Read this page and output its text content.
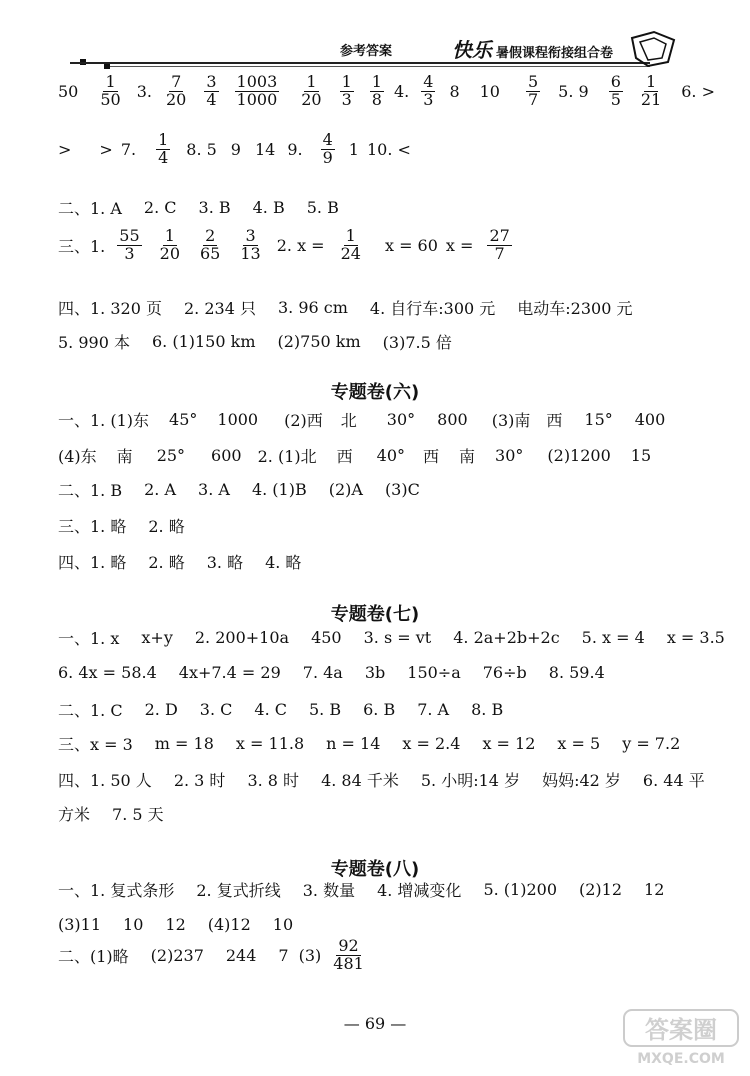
参考答案	快乐 暑假课程衔接组合卷
$50 \frac{1}{50} 3$. $\frac{7}{20} \frac{3}{4} \frac{1003}{1000} \frac{1}{20} \frac{1}{3} \frac{1}{8} 4$. $\frac{4}{3} 8$ $10 \frac{5}{7} 5$. $9 \frac{6}{5} \frac{1}{21} 6$. >
> > 7. $\frac{1}{4} 8$. 5 9 14 9. $\frac{4}{9} 1$ 10. <
二、1. A 2. C 3. B 4. B 5. B
三、1. $\frac{55}{3} \frac{1}{20} \frac{2}{65} \frac{3}{13} 2$. $x = \frac{1}{24}$ x = 60 $x = \frac{27}{7}$
四、1. 320 页 2. 234 只 3. 96 cm 4. 自行车:300 元 电动车:2300 元
5. 990 本 6. (1)150 km (2)750 km (3)7.5 倍
一、1. (1)东 45° 1000 (2)西 北 30° 800 (3)南 西 15° 400
(4)东 南 25° 600 2. (1)北 西 40° 西 南 30° (2)1200 15
二、1. B 2. A 3. A 4. (1)B (2)A (3)C
三、1. 略 2. 略
四、1. 略 2. 略 3. 略 4. 略
一、1. x x+y 2. 200+10a 450 3. s = vt 4. 2a+2b+2c 5. x = 4 x = 3.5
6. 4x = 58.4 4x+7.4 = 29 7. 4a 3b 150÷a 76÷b 8. 59.4
二、1. C 2. D 3. C 4. C 5. B 6. B 7. A 8. B
三、x = 3 m = 18 x = 11.8 n = 14 x = 2.4 x = 12 x = 5 y = 7.2
四、1. 50 人 2. 3 时 3. 8 时 4. 84 千米 5. 小明:14 岁 妈妈:42 岁 6. 44 平
方米 7. 5 天
一、1. 复式条形 2. 复式折线 3. 数量 4. 增减变化 5. (1)200 (2)12 12
(3)11 10 12 (4)12 10
二、(1)略 (2)237 244 7 $(3) \frac{92}{481}$
专题卷(六)
专题卷(七)
专题卷(八)
— 69 —	答案圈
MXQE.COM
